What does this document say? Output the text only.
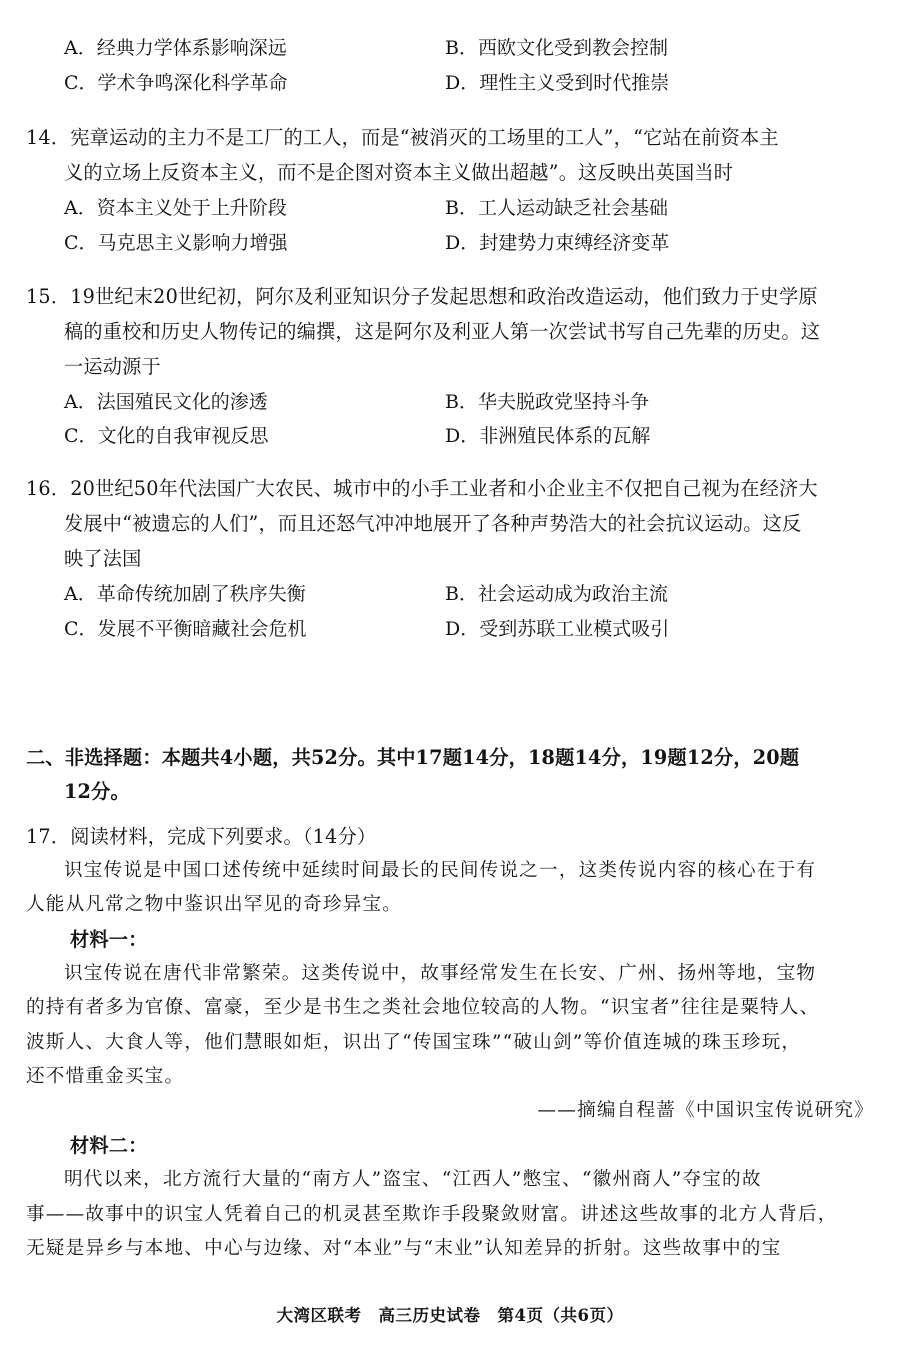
A．经典力学体系影响深远	B．西欧文化受到教会控制
C．学术争鸣深化科学革命	D．理性主义受到时代推崇
14．宪章运动的主力不是工厂的工人，而是“被消灭的工场里的工人”，“它站在前资本主
义的立场上反资本主义，而不是企图对资本主义做出超越”。这反映出英国当时
A．资本主义处于上升阶段	B．工人运动缺乏社会基础
C．马克思主义影响力增强	D．封建势力束缚经济变革
15．19世纪末20世纪初，阿尔及利亚知识分子发起思想和政治改造运动，他们致力于史学原
稿的重校和历史人物传记的编撰，这是阿尔及利亚人第一次尝试书写自己先辈的历史。这
一运动源于
A．法国殖民文化的渗透	B．华夫脱政党坚持斗争
C．文化的自我审视反思	D．非洲殖民体系的瓦解
16．20世纪50年代法国广大农民、城市中的小手工业者和小企业主不仅把自己视为在经济大
发展中“被遗忘的人们”，而且还怒气冲冲地展开了各种声势浩大的社会抗议运动。这反
映了法国
A．革命传统加剧了秩序失衡	B．社会运动成为政治主流
C．发展不平衡暗藏社会危机	D．受到苏联工业模式吸引
二、非选择题：本题共4小题，共52分。其中17题14分，18题14分，19题12分，20题
12分。
17．阅读材料，完成下列要求。（14分）
识宝传说是中国口述传统中延续时间最长的民间传说之一，这类传说内容的核心在于有
人能从凡常之物中鉴识出罕见的奇珍异宝。
材料一：
识宝传说在唐代非常繁荣。这类传说中，故事经常发生在长安、广州、扬州等地，宝物
的持有者多为官僚、富豪，至少是书生之类社会地位较高的人物。“识宝者”往往是粟特人、
波斯人、大食人等，他们慧眼如炬，识出了“传国宝珠”“破山剑”等价值连城的珠玉珍玩，
还不惜重金买宝。
——摘编自程蔷《中国识宝传说研究》
材料二：
明代以来，北方流行大量的“南方人”盗宝、“江西人”憋宝、“徽州商人”夺宝的故
事——故事中的识宝人凭着自己的机灵甚至欺诈手段聚敛财富。讲述这些故事的北方人背后，
无疑是异乡与本地、中心与边缘、对“本业”与“末业”认知差异的折射。这些故事中的宝
大湾区联考　高三历史试卷　第4页（共6页）
